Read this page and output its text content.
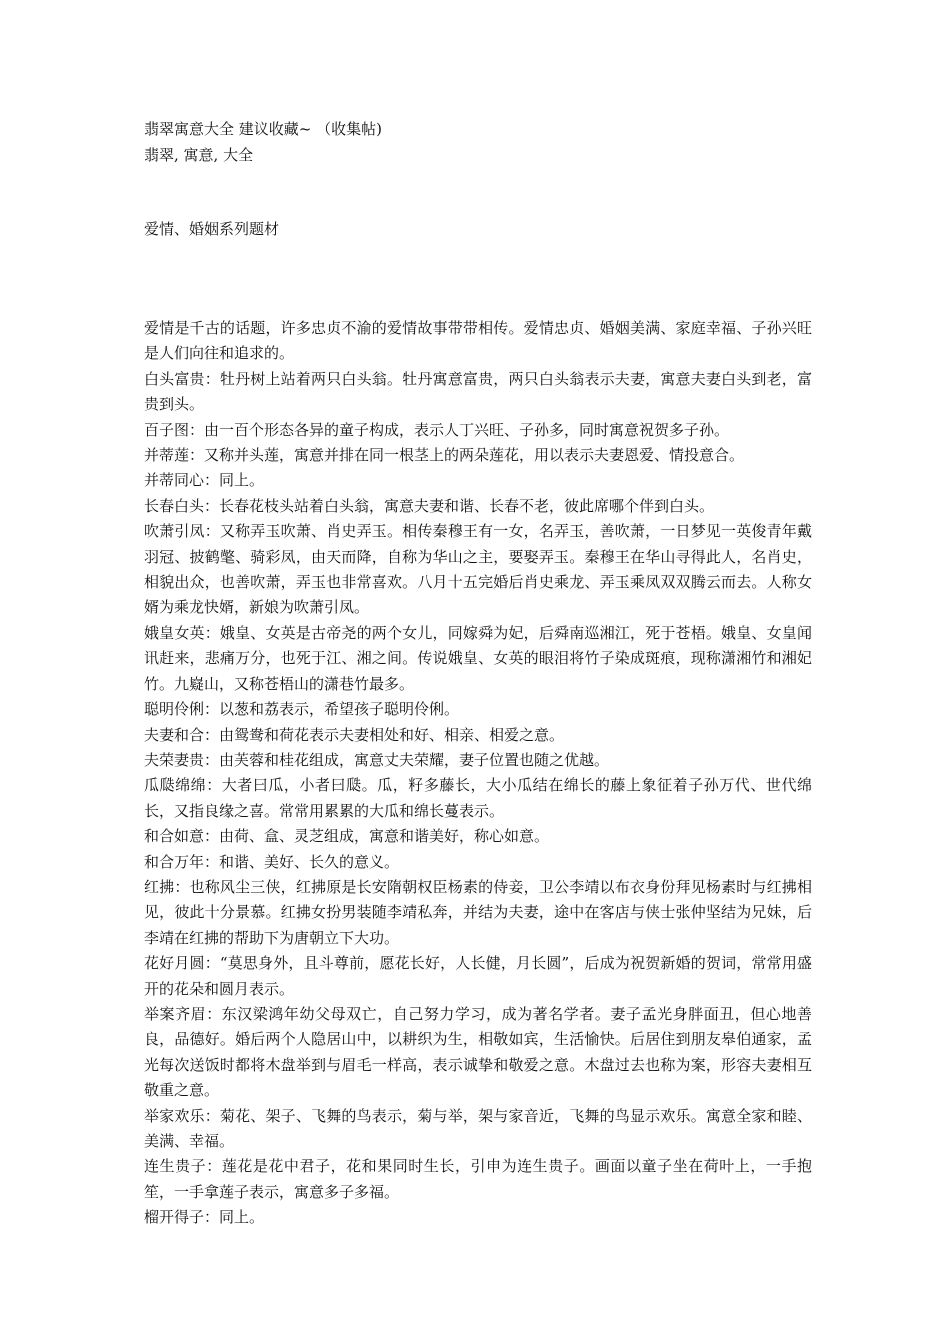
翡翠寓意大全 建议收藏~ （收集帖)

翡翠, 寓意, 大全

爱情、婚姻系列题材

爱情是千古的话题，许多忠贞不渝的爱情故事带带相传。爱情忠贞、婚姻美满、家庭幸福、子孙兴旺是人们向往和追求的。

白头富贵：牡丹树上站着两只白头翁。牡丹寓意富贵，两只白头翁表示夫妻，寓意夫妻白头到老，富贵到头。

百子图：由一百个形态各异的童子构成，表示人丁兴旺、子孙多，同时寓意祝贺多子孙。

并蒂莲：又称并头莲，寓意并排在同一根茎上的两朵莲花，用以表示夫妻恩爱、情投意合。

并蒂同心：同上。

长春白头：长春花枝头站着白头翁，寓意夫妻和谐、长春不老，彼此席哪个伴到白头。

吹萧引凤：又称弄玉吹萧、肖史弄玉。相传秦穆王有一女，名弄玉，善吹萧，一日梦见一英俊青年戴羽冠、披鹤氅、骑彩凤，由天而降，自称为华山之主，要娶弄玉。秦穆王在华山寻得此人，名肖史，相貌出众，也善吹萧，弄玉也非常喜欢。八月十五完婚后肖史乘龙、弄玉乘凤双双腾云而去。人称女婿为乘龙快婿，新娘为吹萧引凤。

娥皇女英：娥皇、女英是古帝尧的两个女儿，同嫁舜为妃，后舜南巡湘江，死于苍梧。娥皇、女皇闻讯赶来，悲痛万分，也死于江、湘之间。传说娥皇、女英的眼泪将竹子染成斑痕，现称潇湘竹和湘妃竹。九嶷山，又称苍梧山的潇巷竹最多。

聪明伶俐：以葱和荔表示，希望孩子聪明伶俐。

夫妻和合：由鸳鸯和荷花表示夫妻相处和好、相亲、相爱之意。

夫荣妻贵：由芙蓉和桂花组成，寓意丈夫荣耀，妻子位置也随之优越。

瓜瓞绵绵：大者曰瓜，小者曰瓞。瓜，籽多藤长，大小瓜结在绵长的藤上象征着子孙万代、世代绵长，又指良缘之喜。常常用累累的大瓜和绵长蔓表示。

和合如意：由荷、盒、灵芝组成，寓意和谐美好，称心如意。

和合万年：和谐、美好、长久的意义。

红拂：也称风尘三侠，红拂原是长安隋朝权臣杨素的侍妾，卫公李靖以布衣身份拜见杨素时与红拂相见，彼此十分景慕。红拂女扮男装随李靖私奔，并结为夫妻，途中在客店与侠士张仲坚结为兄妹，后李靖在红拂的帮助下为唐朝立下大功。

花好月圆：“莫思身外，且斗尊前，愿花长好，人长健，月长圆”，后成为祝贺新婚的贺词，常常用盛开的花朵和圆月表示。

举案齐眉：东汉梁鸿年幼父母双亡，自己努力学习，成为著名学者。妻子孟光身胖面丑，但心地善良，品德好。婚后两个人隐居山中，以耕织为生，相敬如宾，生活愉快。后居住到朋友皋伯通家，孟光每次送饭时都将木盘举到与眉毛一样高，表示诚挚和敬爱之意。木盘过去也称为案，形容夫妻相互敬重之意。

举家欢乐：菊花、架子、飞舞的鸟表示，菊与举，架与家音近，飞舞的鸟显示欢乐。寓意全家和睦、美满、幸福。

连生贵子：莲花是花中君子，花和果同时生长，引申为连生贵子。画面以童子坐在荷叶上，一手抱笙，一手拿莲子表示，寓意多子多福。

榴开得子：同上。
